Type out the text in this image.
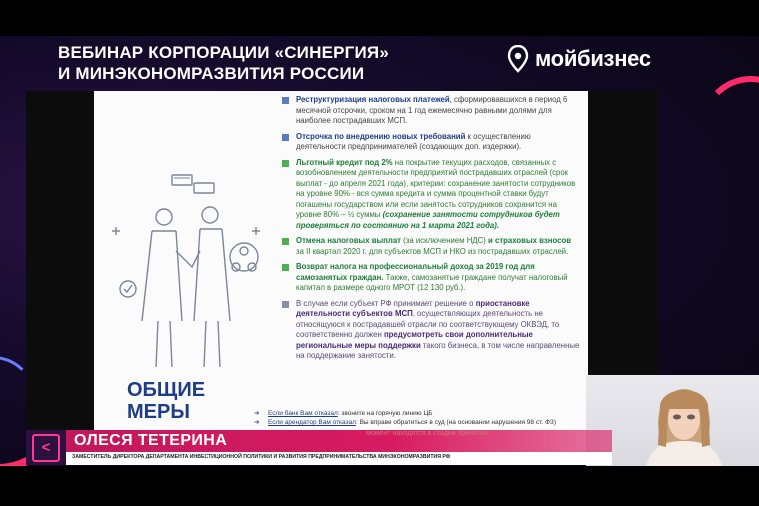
ВЕБИНАР КОРПОРАЦИИ «СИНЕРГИЯ»
И МИНЭКОНОМРАЗВИТИЯ РОССИИ
мойбизнес
ОБЩИЕ
МЕРЫ
Реструктуризация налоговых платежей, сформировавшихся в период 6 месячной отсрочки, сроком на 1 год ежемесячно равными долями для наиболее пострадавших МСП.
Отсрочка по внедрению новых требований к осуществлению деятельности предпринимателей (создающих доп. издержки).
Льготный кредит под 2% на покрытие текущих расходов, связанных с возобновлением деятельности предприятий пострадавших отраслей (срок выплат - до апреля 2021 года), критерии: сохранение занятости сотрудников на уровне 90% - вся сумма кредита и сумма процентной ставки будут погашены государством или если занятость сотрудников сохранится на уровне 80% – ½ суммы (сохранение занятости сотрудников будет проверяться по состоянию на 1 марта 2021 года).
Отмена налоговых выплат (за исключением НДС) и страховых взносов за II квартал 2020 г. для субъектов МСП и НКО из пострадавших отраслей.
Возврат налога на профессиональный доход за 2019 год для самозанятых граждан. Также, самозанятые граждане получат налоговый капитал в размере одного МРОТ (12 130 руб.).
В случае если субъект РФ принимает решение о приостановке деятельности субъектов МСП, осуществляющих деятельность не относящуюся к пострадавшей отрасли по соответствующему ОКВЭД, то соответственно должен предусмотреть свои дополнительные региональные меры поддержки такого бизнеса, в том числе направленные на поддержание занятости.
➔	Если банк Вам отказал : звоните на горячую линию ЦБ
➔	Если арендатор Вам отказал : Вы вправе обратиться в суд (на основании нарушения 98 ст. ФЗ)
<	ОЛЕСЯ ТЕТЕРИНА	момент находятся в стадии принятия
ЗАМЕСТИТЕЛЬ ДИРЕКТОРА ДЕПАРТАМЕНТА ИНВЕСТИЦИОННОЙ ПОЛИТИКИ И РАЗВИТИЯ ПРЕДПРИНИМАТЕЛЬСТВА МИНЭКОНОМРАЗВИТИЯ РФ
